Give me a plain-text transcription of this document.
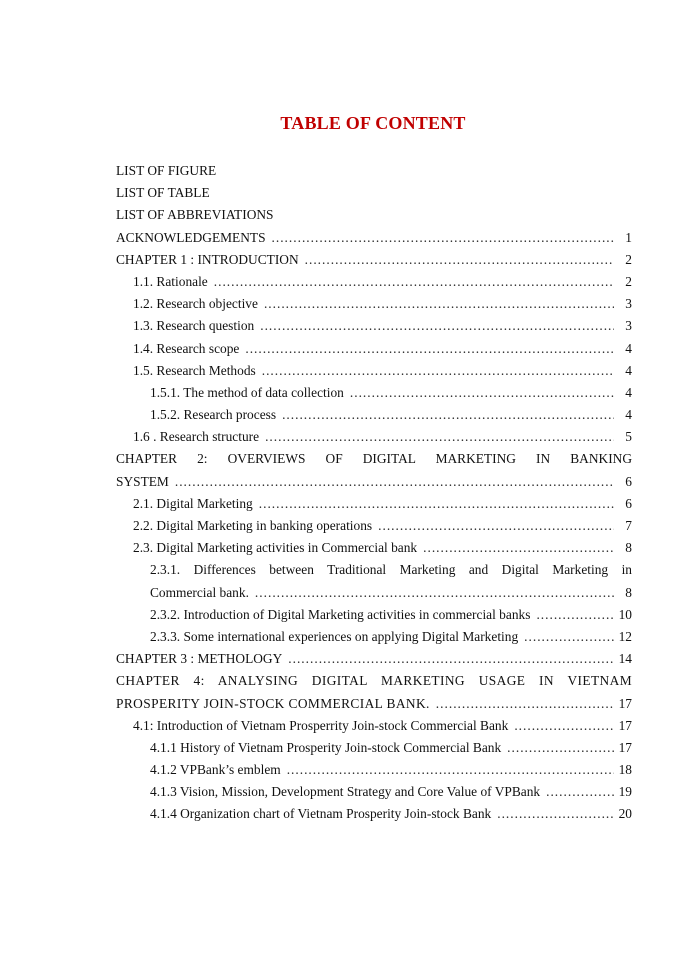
TABLE OF CONTENT
LIST OF FIGURE
LIST OF TABLE
LIST OF ABBREVIATIONS
ACKNOWLEDGEMENTS .....	1
CHAPTER 1 : INTRODUCTION .....	2
1.1. Rationale .....	2
1.2. Research objective .....	3
1.3. Research question .....	3
1.4. Research scope .....	4
1.5. Research Methods .....	4
1.5.1. The method of data collection .....	4
1.5.2. Research process .....	4
1.6 . Research structure .....	5
CHAPTER 2: OVERVIEWS OF DIGITAL MARKETING IN BANKING
SYSTEM .....	6
2.1. Digital Marketing .....	6
2.2. Digital Marketing in banking operations .....	7
2.3. Digital Marketing activities in Commercial bank .....	8
2.3.1. Differences between Traditional Marketing and Digital Marketing in
Commercial bank. .....	8
2.3.2. Introduction of Digital Marketing activities in commercial banks .....	10
2.3.3. Some international experiences on applying Digital Marketing .....	12
CHAPTER 3 : METHOLOGY .....	14
CHAPTER 4: ANALYSING DIGITAL MARKETING USAGE IN VIETNAM
PROSPERITY JOIN-STOCK COMMERCIAL BANK. .....	17
4.1: Introduction of Vietnam Prosperrity Join-stock Commercial Bank .....	17
4.1.1 History of Vietnam Prosperity Join-stock Commercial Bank .....	17
4.1.2 VPBank’s emblem .....	18
4.1.3 Vision, Mission, Development Strategy and Core Value of VPBank .....	19
4.1.4 Organization chart of Vietnam Prosperity Join-stock Bank .....	20
